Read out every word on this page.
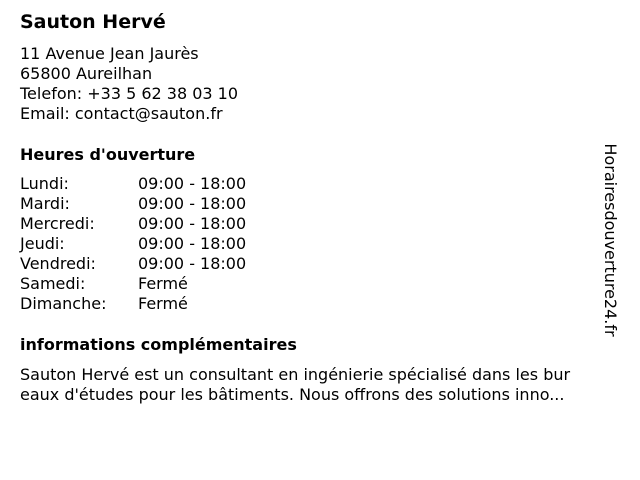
Sauton Hervé
11 Avenue Jean Jaurès
65800 Aureilhan
Telefon: +33 5 62 38 03 10
Email: contact@sauton.fr
Heures d'ouverture
Lundi:	09:00 - 18:00
Mardi:	09:00 - 18:00
Mercredi:	09:00 - 18:00
Jeudi:	09:00 - 18:00
Vendredi:	09:00 - 18:00
Samedi:	Fermé
Dimanche: Fermé
informations complémentaires
Sauton Hervé est un consultant en ingénierie spécialisé dans les bur
eaux d'études pour les bâtiments. Nous offrons des solutions inno...
Horairesdouverture24.fr
